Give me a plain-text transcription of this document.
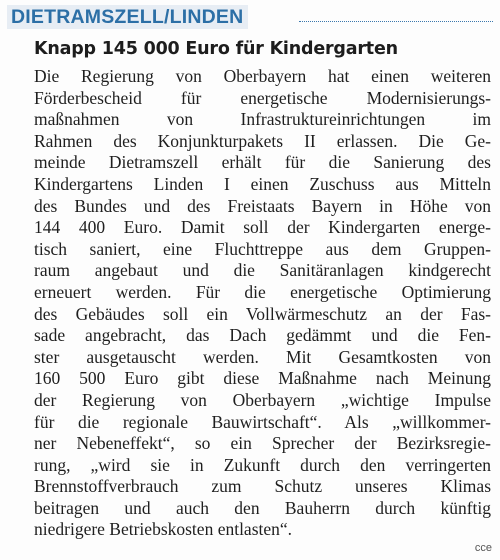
DIETRAMSZELL/LINDEN
Knapp 145 000 Euro für Kindergarten
Die Regierung von Oberbayern hat einen weiteren
Förderbescheid für energetische Modernisierungs-
maßnahmen von Infrastruktureinrichtungen im
Rahmen des Konjunkturpakets II erlassen. Die Ge-
meinde Dietramszell erhält für die Sanierung des
Kindergartens Linden I einen Zuschuss aus Mitteln
des Bundes und des Freistaats Bayern in Höhe von
144 400 Euro. Damit soll der Kindergarten energe-
tisch saniert, eine Fluchttreppe aus dem Gruppen-
raum angebaut und die Sanitäranlagen kindgerecht
erneuert werden. Für die energetische Optimierung
des Gebäudes soll ein Vollwärmeschutz an der Fas-
sade angebracht, das Dach gedämmt und die Fen-
ster ausgetauscht werden. Mit Gesamtkosten von
160 500 Euro gibt diese Maßnahme nach Meinung
der Regierung von Oberbayern „wichtige Impulse
für die regionale Bauwirtschaft“. Als „willkommer-
ner Nebeneffekt“, so ein Sprecher der Bezirksregie-
rung, „wird sie in Zukunft durch den verringerten
Brennstoffverbrauch zum Schutz unseres Klimas
beitragen und auch den Bauherrn durch künftig
niedrigere Betriebskosten entlasten“.
cce
